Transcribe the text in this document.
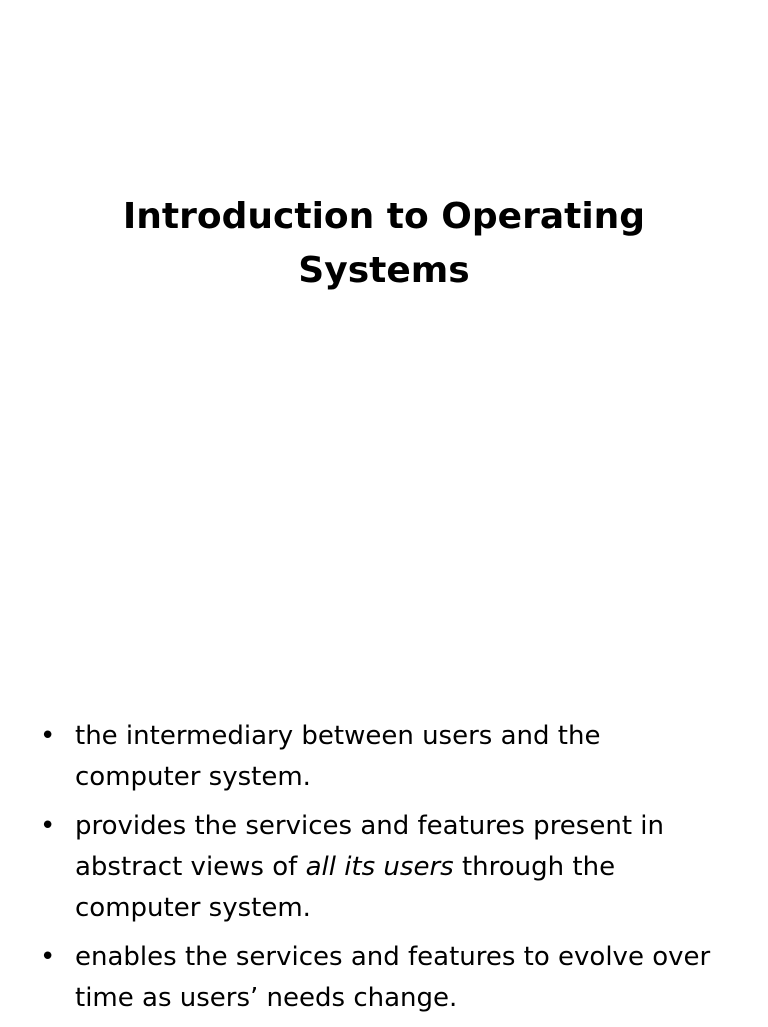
Introduction to Operating Systems
• the intermediary between users and the computer system.
• provides the services and features present in abstract views of all its users through the computer system.
• enables the services and features to evolve over time as users’ needs change.
